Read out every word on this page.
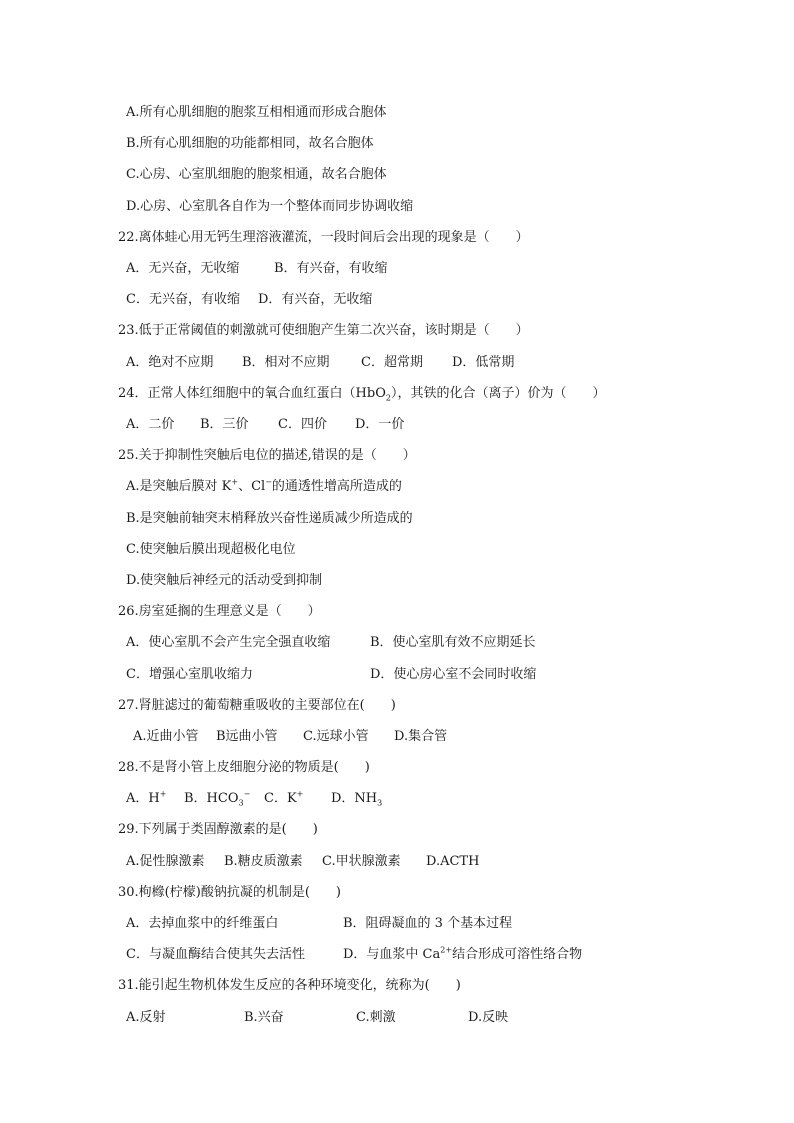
A.所有心肌细胞的胞浆互相相通而形成合胞体
B.所有心肌细胞的功能都相同，故名合胞体
C.心房、心室肌细胞的胞浆相通，故名合胞体
D.心房、心室肌各自作为一个整体而同步协调收缩
22.离体蛙心用无钙生理溶液灌流，一段时间后会出现的现象是（　　）
A．无兴奋，无收缩	B．有兴奋，有收缩
C．无兴奋，有收缩 D．有兴奋，无收缩
23.低于正常阈值的刺激就可使细胞产生第二次兴奋，该时期是（　　）
A．绝对不应期 B．相对不应期 C．超常期 D．低常期
24．正常人体红细胞中的氧合血红蛋白（HbO$_2$），其铁的化合（离子）价为（　　）
A．二价 B．三价 C．四价 D．一价
25.关于抑制性突触后电位的描述,错误的是（　　）
A.是突触后膜对 K+、Cl−的通透性增高所造成的
B.是突触前轴突末梢释放兴奋性递质减少所造成的
C.使突触后膜出现超极化电位
D.使突触后神经元的活动受到抑制
26.房室延搁的生理意义是（　　）
A．使心室肌不会产生完全强直收缩	B．使心室肌有效不应期延长
C．增强心室肌收缩力	D．使心房心室不会同时收缩
27.肾脏滤过的葡萄糖重吸收的主要部位在(　　)
A.近曲小管 B远曲小管 C.远球小管 D.集合管
28.不是肾小管上皮细胞分泌的物质是(　　)
A．H+ B．$HCO_3^-$ C．K+ D．$NH_3$
29.下列属于类固醇激素的是(　　)
A.促性腺激素 B.糖皮质激素 C.甲状腺激素 D.ACTH
30.枸橼(柠檬)酸钠抗凝的机制是(　　)
A．去掉血浆中的纤维蛋白	B．阻碍凝血的 3 个基本过程
C．与凝血酶结合使其失去活性	D．与血浆中 $Ca^{2+}$结合形成可溶性络合物
31.能引起生物机体发生反应的各种环境变化，统称为(　　)
A.反射	B.兴奋	C.刺激	D.反映
